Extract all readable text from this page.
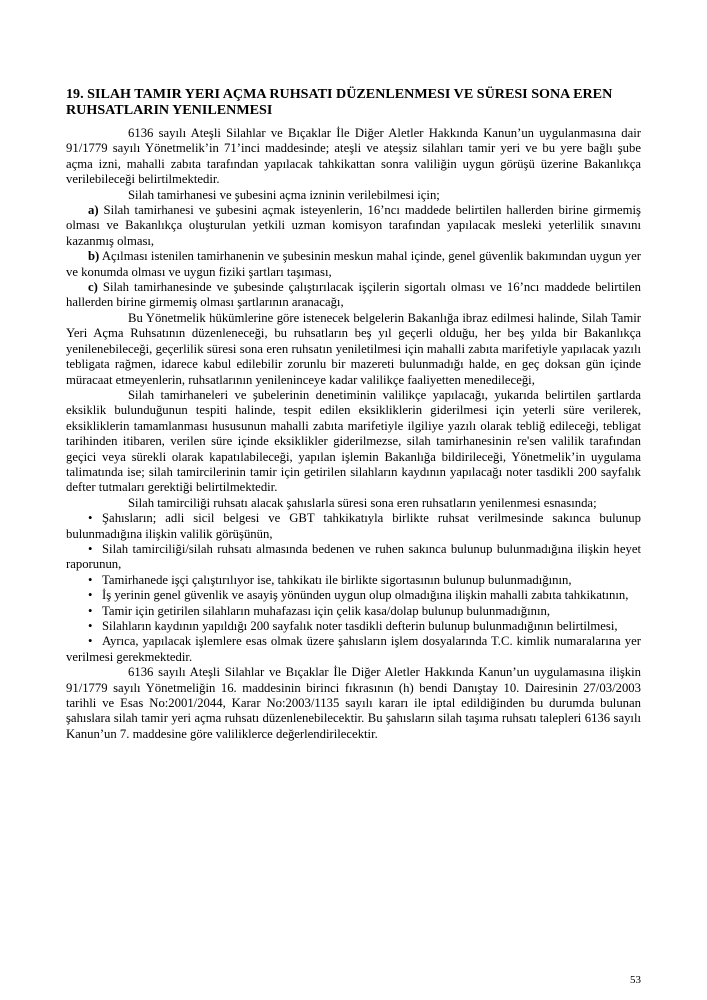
19. SILAH TAMIR YERI AÇMA RUHSATI DÜZENLENMESI VE SÜRESI SONA EREN RUHSATLARIN YENILENMESI

6136 sayılı Ateşli Silahlar ve Bıçaklar İle Diğer Aletler Hakkında Kanun’un uygulanmasına dair 91/1779 sayılı Yönetmelik’in 71’inci maddesinde; ateşli ve ateşsiz silahları tamir yeri ve bu yere bağlı şube açma izni, mahalli zabıta tarafından yapılacak tahkikattan sonra valiliğin uygun görüşü üzerine Bakanlıkça verilebileceği belirtilmektedir.

Silah tamirhanesi ve şubesini açma izninin verilebilmesi için;

a) Silah tamirhanesi ve şubesini açmak isteyenlerin, 16’ncı maddede belirtilen hallerden birine girmemiş olması ve Bakanlıkça oluşturulan yetkili uzman komisyon tarafından yapılacak mesleki yeterlilik sınavını kazanmış olması,

b) Açılması istenilen tamirhanenin ve şubesinin meskun mahal içinde, genel güvenlik bakımından uygun yer ve konumda olması ve uygun fiziki şartları taşıması,

c) Silah tamirhanesinde ve şubesinde çalıştırılacak işçilerin sigortalı olması ve 16’ncı maddede belirtilen hallerden birine girmemiş olması şartlarının aranacağı,

Bu Yönetmelik hükümlerine göre istenecek belgelerin Bakanlığa ibraz edilmesi halinde, Silah Tamir Yeri Açma Ruhsatının düzenleneceği, bu ruhsatların beş yıl geçerli olduğu, her beş yılda bir Bakanlıkça yenilenebileceği, geçerlilik süresi sona eren ruhsatın yeniletilmesi için mahalli zabıta marifetiyle yapılacak yazılı tebligata rağmen, idarece kabul edilebilir zorunlu bir mazereti bulunmadığı halde, en geç doksan gün içinde müracaat etmeyenlerin, ruhsatlarının yenileninceye kadar valilikçe faaliyetten menedileceği,

Silah tamirhaneleri ve şubelerinin denetiminin valilikçe yapılacağı, yukarıda belirtilen şartlarda eksiklik bulunduğunun tespiti halinde, tespit edilen eksikliklerin giderilmesi için yeterli süre verilerek, eksikliklerin tamamlanması hususunun mahalli zabıta marifetiyle ilgiliye yazılı olarak tebliğ edileceği, tebligat tarihinden itibaren, verilen süre içinde eksiklikler giderilmezse, silah tamirhanesinin re'sen valilik tarafından geçici veya sürekli olarak kapatılabileceği, yapılan işlemin Bakanlığa bildirileceği, Yönetmelik’in uygulama talimatında ise; silah tamircilerinin tamir için getirilen silahların kaydının yapılacağı noter tasdikli 200 sayfalık defter tutmaları gerektiği belirtilmektedir.

Silah tamirciliği ruhsatı alacak şahıslarla süresi sona eren ruhsatların yenilenmesi esnasında;

• Şahısların; adli sicil belgesi ve GBT tahkikatıyla birlikte ruhsat verilmesinde sakınca bulunup bulunmadığına ilişkin valilik görüşünün,
• Silah tamirciliği/silah ruhsatı almasında bedenen ve ruhen sakınca bulunup bulunmadığına ilişkin heyet raporunun,
• Tamirhanede işçi çalıştırılıyor ise, tahkikatı ile birlikte sigortasının bulunup bulunmadığının,
• İş yerinin genel güvenlik ve asayiş yönünden uygun olup olmadığına ilişkin mahalli zabıta tahkikatının,
• Tamir için getirilen silahların muhafazası için çelik kasa/dolap bulunup bulunmadığının,
• Silahların kaydının yapıldığı 200 sayfalık noter tasdikli defterin bulunup bulunmadığının belirtilmesi,
• Ayrıca, yapılacak işlemlere esas olmak üzere şahısların işlem dosyalarında T.C. kimlik numaralarına yer verilmesi gerekmektedir.

6136 sayılı Ateşli Silahlar ve Bıçaklar İle Diğer Aletler Hakkında Kanun’un uygulamasına ilişkin 91/1779 sayılı Yönetmeliğin 16. maddesinin birinci fıkrasının (h) bendi Danıştay 10. Dairesinin 27/03/2003 tarihli ve Esas No:2001/2044, Karar No:2003/1135 sayılı kararı ile iptal edildiğinden bu durumda bulunan şahıslara silah tamir yeri açma ruhsatı düzenlenebilecektir. Bu şahısların silah taşıma ruhsatı talepleri 6136 sayılı Kanun’un 7. maddesine göre valiliklerce değerlendirilecektir.

53
